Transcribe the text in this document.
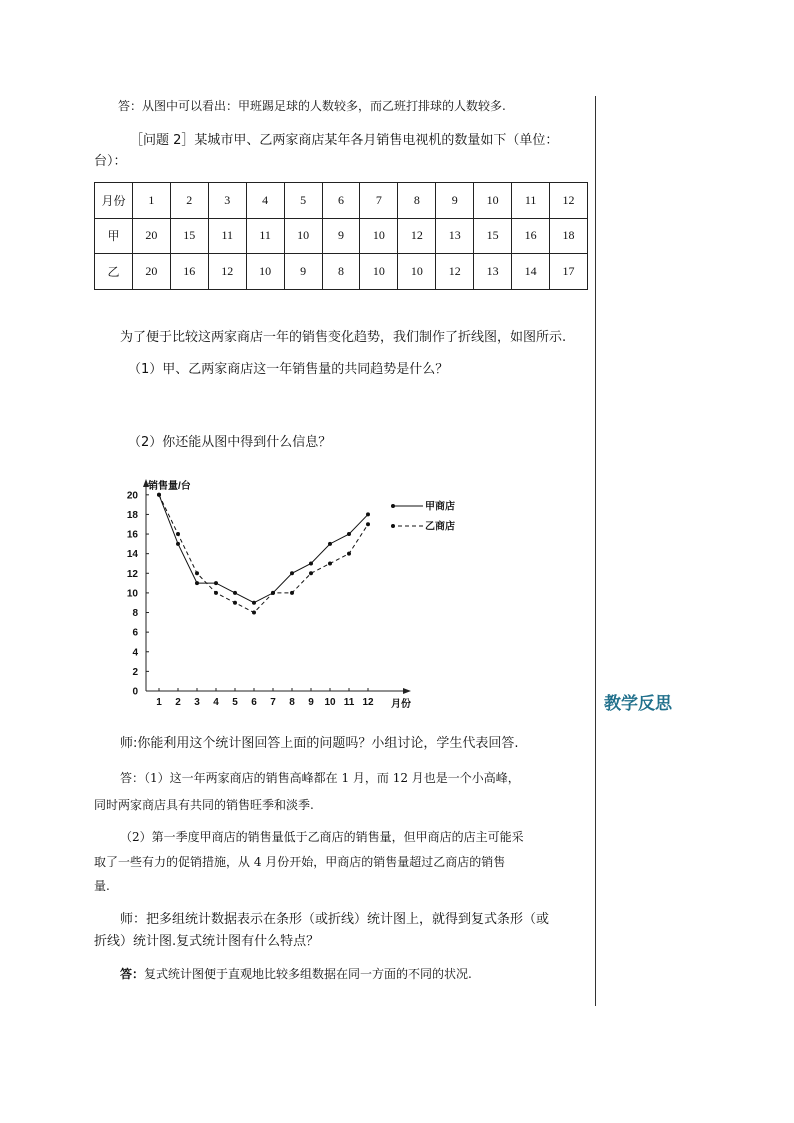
答：从图中可以看出：甲班踢足球的人数较多，而乙班打排球的人数较多.
［问题 2］某城市甲、乙两家商店某年各月销售电视机的数量如下（单位：
台）：
月份	1	2	3	4	5	6	7	8	9	10	11	12
甲	20	15	11	11	10	9	10	12	13	15	16	18
乙	20	16	12	10	9	8	10	10	12	13	14	17
为了便于比较这两家商店一年的销售变化趋势，我们制作了折线图，如图所示.
（1）甲、乙两家商店这一年销售量的共同趋势是什么？
（2）你还能从图中得到什么信息？
销售量/台
月份
0
2
4
6
8
10
12
14
16
18
20
1 2 3 4 5 6 7 8 9 10 11 12
甲商店
乙商店
师:你能利用这个统计图回答上面的问题吗？小组讨论，学生代表回答.
答：（1）这一年两家商店的销售高峰都在 1 月，而 12 月也是一个小高峰，
同时两家商店具有共同的销售旺季和淡季.
（2）第一季度甲商店的销售量低于乙商店的销售量，但甲商店的店主可能采
取了一些有力的促销措施，从 4 月份开始，甲商店的销售量超过乙商店的销售
量.
师：把多组统计数据表示在条形（或折线）统计图上，就得到复式条形（或
折线）统计图.复式统计图有什么特点？
答：复式统计图便于直观地比较多组数据在同一方面的不同的状况.
教学反思
